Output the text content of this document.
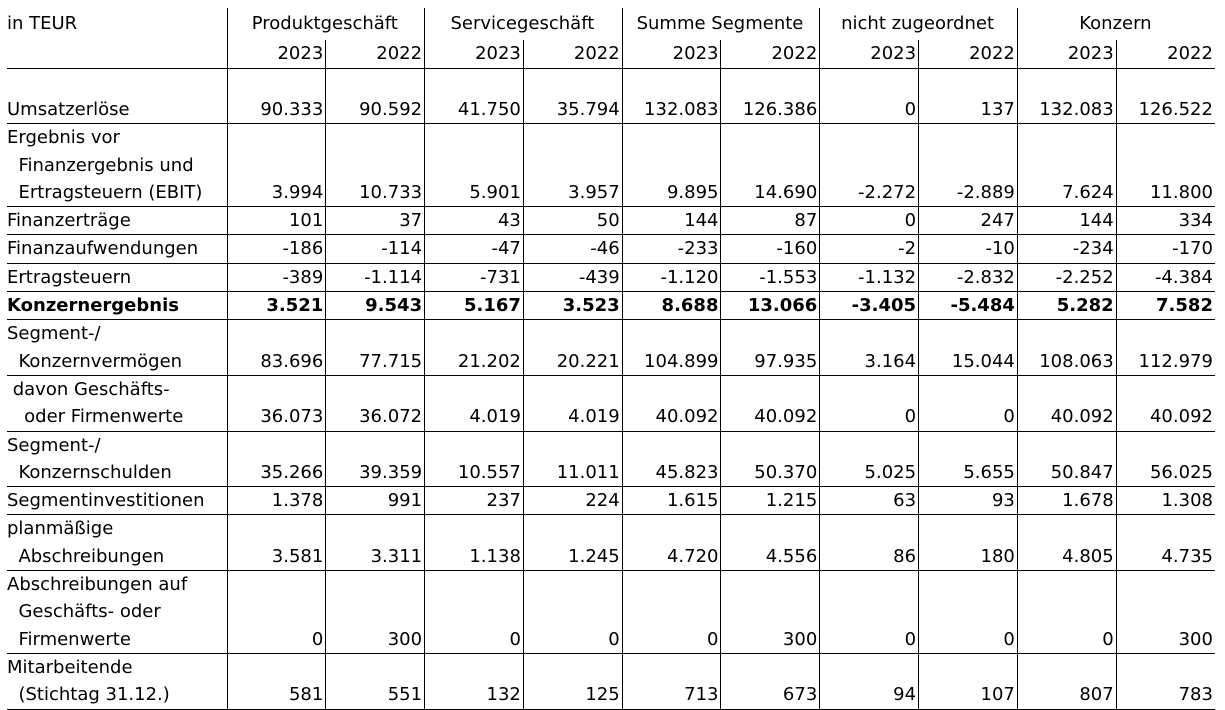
in TEUR	Produktgeschäft		Servicegeschäft		Summe Segmente		nicht zugeordnet		Konzern	
	2023	2022	2023	2022	2023	2022	2023	2022	2023	2022
Umsatzerlöse	90.333	90.592	41.750	35.794	132.083	126.386	0	137	132.083	126.522
Ergebnis vor
Finanzergebnis und
Ertragsteuern (EBIT)	3.994	10.733	5.901	3.957	9.895	14.690	-2.272	-2.889	7.624	11.800
Finanzerträge	101	37	43	50	144	87	0	247	144	334
Finanzaufwendungen	-186	-114	-47	-46	-233	-160	-2	-10	-234	-170
Ertragsteuern	-389	-1.114	-731	-439	-1.120	-1.553	-1.132	-2.832	-2.252	-4.384
Konzernergebnis	3.521	9.543	5.167	3.523	8.688	13.066	-3.405	-5.484	5.282	7.582
Segment-/
Konzernvermögen	83.696	77.715	21.202	20.221	104.899	97.935	3.164	15.044	108.063	112.979
davon Geschäfts-
oder Firmenwerte	36.073	36.072	4.019	4.019	40.092	40.092	0	0	40.092	40.092
Segment-/
Konzernschulden	35.266	39.359	10.557	11.011	45.823	50.370	5.025	5.655	50.847	56.025
Segmentinvestitionen	1.378	991	237	224	1.615	1.215	63	93	1.678	1.308
planmäßige
Abschreibungen	3.581	3.311	1.138	1.245	4.720	4.556	86	180	4.805	4.735
Abschreibungen auf
Geschäfts- oder
Firmenwerte	0	300	0	0	0	300	0	0	0	300
Mitarbeitende
(Stichtag 31.12.)	581	551	132	125	713	673	94	107	807	783
